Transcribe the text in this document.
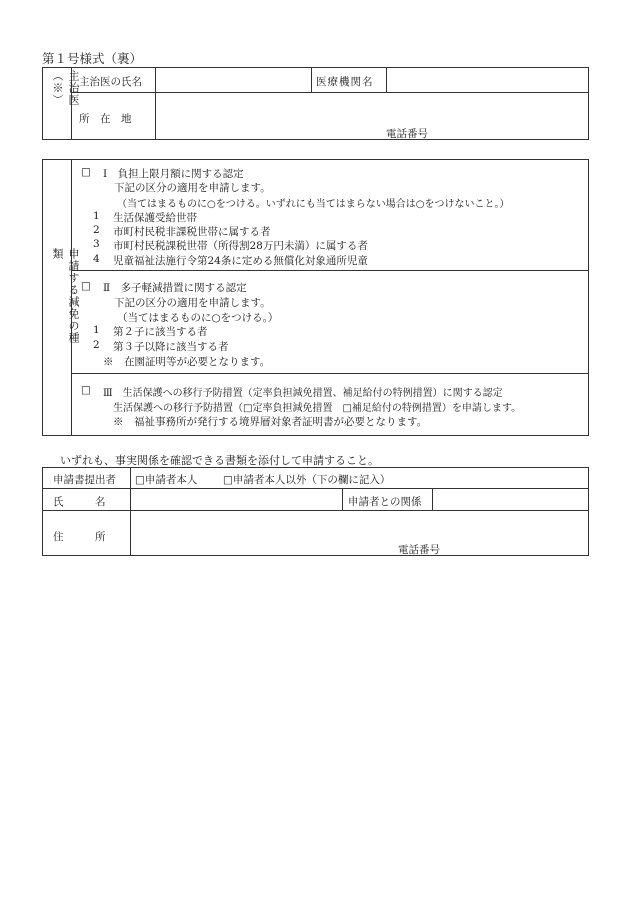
第１号様式（裏）
主治医（※）	主治医の氏名	医療機関名
所　在　地
電話番号
申請する減免の種類
□ Ⅰ　負担上限月額に関する認定
下記の区分の適用を申請します。
（当てはまるものに○をつける。いずれにも当てはまらない場合は○をつけないこと。）
1 生活保護受給世帯
2 市町村民税非課税世帯に属する者
3 市町村民税課税世帯（所得割28万円未満）に属する者
4 児童福祉法施行令第24条に定める無償化対象通所児童
□ Ⅱ　多子軽減措置に関する認定
下記の区分の適用を申請します。
（当てはまるものに○をつける。）
1 第２子に該当する者
2 第３子以降に該当する者
※　在園証明等が必要となります。
□ Ⅲ　生活保護への移行予防措置（定率負担減免措置、補足給付の特例措置）に関する認定
生活保護への移行予防措置（□定率負担減免措置　□補足給付の特例措置）を申請します。
※　福祉事務所が発行する境界層対象者証明書が必要となります。
いずれも、事実関係を確認できる書類を添付して申請すること。
申請書提出者 □申請者本人 □申請者本人以外（下の欄に記入）
氏　　　名	申請者との関係
住　　　所
電話番号
